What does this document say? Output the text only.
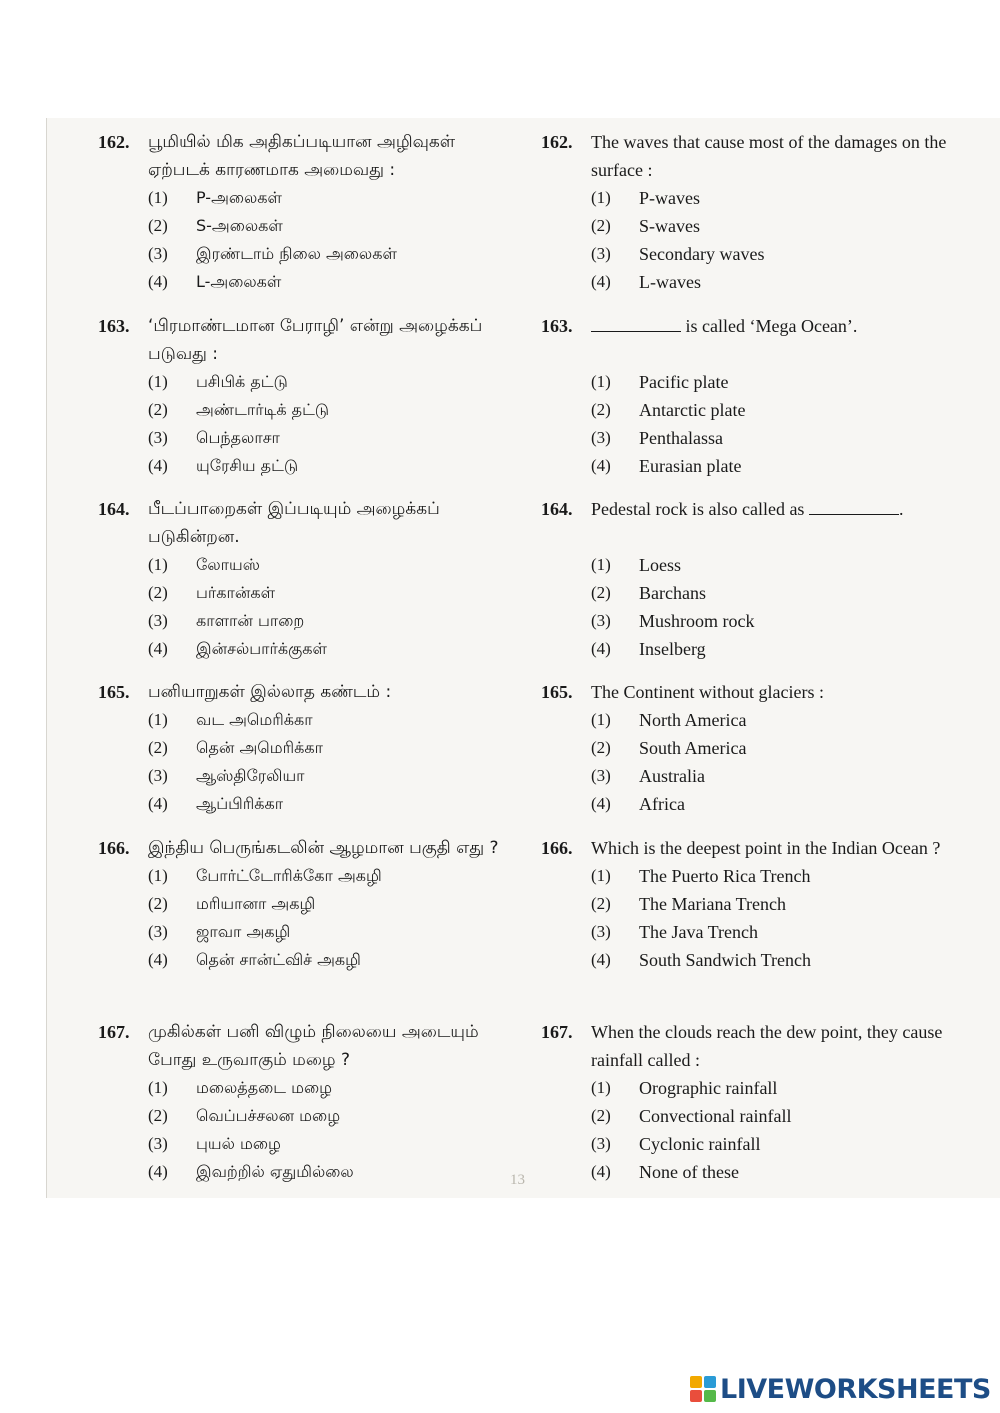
162. பூமியில் மிக அதிகப்படியான அழிவுகள் ஏற்படக் காரணமாக அமைவது :
(1) P-அலைகள்
(2) S-அலைகள்
(3) இரண்டாம் நிலை அலைகள்
(4) L-அலைகள்
163. ‘பிரமாண்டமான பேராழி’ என்று அழைக்கப் படுவது :
(1) பசிபிக் தட்டு
(2) அண்டார்டிக் தட்டு
(3) பெந்தலாசா
(4) யுரேசிய தட்டு
164. பீடப்பாறைகள் இப்படியும் அழைக்கப் படுகின்றன.
(1) லோயஸ்
(2) பர்கான்கள்
(3) காளான் பாறை
(4) இன்சல்பார்க்குகள்
165. பனியாறுகள் இல்லாத கண்டம் :
(1) வட அமெரிக்கா
(2) தென் அமெரிக்கா
(3) ஆஸ்திரேலியா
(4) ஆப்பிரிக்கா
166. இந்திய பெருங்கடலின் ஆழமான பகுதி எது ?
(1) போர்ட்டோரிக்கோ அகழி
(2) மரியானா அகழி
(3) ஜாவா அகழி
(4) தென் சான்ட்விச் அகழி
167. முகில்கள் பனி விழும் நிலையை அடையும் போது உருவாகும் மழை ?
(1) மலைத்தடை மழை
(2) வெப்பச்சலன மழை
(3) புயல் மழை
(4) இவற்றில் ஏதுமில்லை
162. The waves that cause most of the damages on the surface :
(1) P-waves
(2) S-waves
(3) Secondary waves
(4) L-waves
163.	is called ‘Mega Ocean’.
(1) Pacific plate
(2) Antarctic plate
(3) Penthalassa
(4) Eurasian plate
164. Pedestal rock is also called as	.
(1) Loess
(2) Barchans
(3) Mushroom rock
(4) Inselberg
165. The Continent without glaciers :
(1) North America
(2) South America
(3) Australia
(4) Africa
166. Which is the deepest point in the Indian Ocean ?
(1) The Puerto Rica Trench
(2) The Mariana Trench
(3) The Java Trench
(4) South Sandwich Trench
167. When the clouds reach the dew point, they cause rainfall called :
(1) Orographic rainfall
(2) Convectional rainfall
(3) Cyclonic rainfall
(4) None of these
13
LIVEWORKSHEETS
